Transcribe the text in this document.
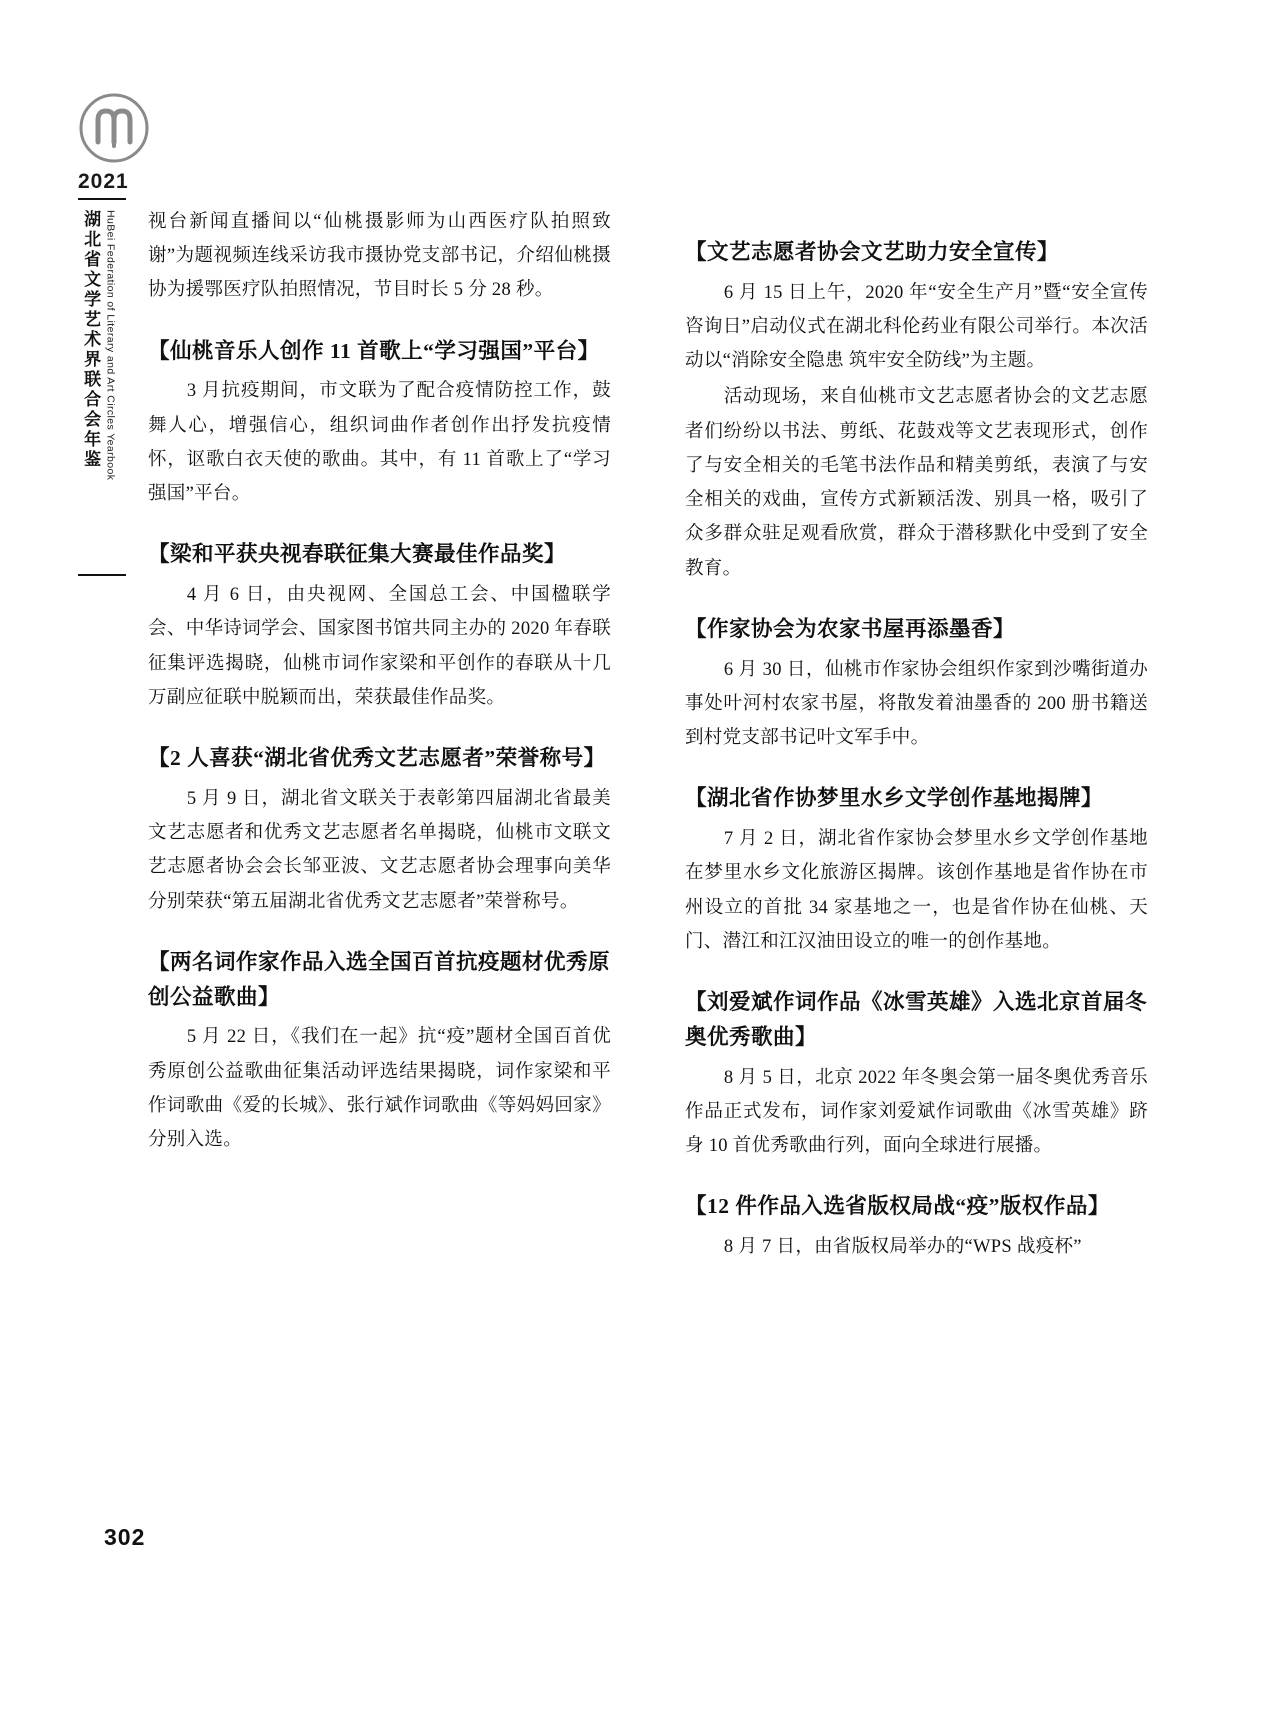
2021
湖北省文学艺术界联合会年鉴 HuBei Federation of Literary and Art Circles Yearbook 视台新闻直播间以“仙桃摄影师为山西医疗队拍照致谢”为题视频连线采访我市摄协党支部书记，介绍仙桃摄协为援鄂医疗队拍照情况，节目时长 5 分 28 秒。
【仙桃音乐人创作 11 首歌上“学习强国”平台】
3 月抗疫期间，市文联为了配合疫情防控工作，鼓舞人心，增强信心，组织词曲作者创作出抒发抗疫情怀，讴歌白衣天使的歌曲。其中，有 11 首歌上了“学习强国”平台。
【梁和平获央视春联征集大赛最佳作品奖】
4 月 6 日，由央视网、全国总工会、中国楹联学会、中华诗词学会、国家图书馆共同主办的 2020 年春联征集评选揭晓，仙桃市词作家梁和平创作的春联从十几万副应征联中脱颖而出，荣获最佳作品奖。
【2 人喜获“湖北省优秀文艺志愿者”荣誉称号】
5 月 9 日，湖北省文联关于表彰第四届湖北省最美文艺志愿者和优秀文艺志愿者名单揭晓，仙桃市文联文艺志愿者协会会长邹亚波、文艺志愿者协会理事向美华分别荣获“第五届湖北省优秀文艺志愿者”荣誉称号。
【两名词作家作品入选全国百首抗疫题材优秀原创公益歌曲】
5 月 22 日，《我们在一起》抗“疫”题材全国百首优秀原创公益歌曲征集活动评选结果揭晓，词作家梁和平作词歌曲《爱的长城》、张行斌作词歌曲《等妈妈回家》分别入选。
【文艺志愿者协会文艺助力安全宣传】
6 月 15 日上午，2020 年“安全生产月”暨“安全宣传咨询日”启动仪式在湖北科伦药业有限公司举行。本次活动以“消除安全隐患 筑牢安全防线”为主题。
活动现场，来自仙桃市文艺志愿者协会的文艺志愿者们纷纷以书法、剪纸、花鼓戏等文艺表现形式，创作了与安全相关的毛笔书法作品和精美剪纸，表演了与安全相关的戏曲，宣传方式新颖活泼、别具一格，吸引了众多群众驻足观看欣赏，群众于潜移默化中受到了安全教育。
【作家协会为农家书屋再添墨香】
6 月 30 日，仙桃市作家协会组织作家到沙嘴街道办事处叶河村农家书屋，将散发着油墨香的 200 册书籍送到村党支部书记叶文军手中。
【湖北省作协梦里水乡文学创作基地揭牌】
7 月 2 日，湖北省作家协会梦里水乡文学创作基地在梦里水乡文化旅游区揭牌。该创作基地是省作协在市州设立的首批 34 家基地之一，也是省作协在仙桃、天门、潜江和江汉油田设立的唯一的创作基地。
【刘爱斌作词作品《冰雪英雄》入选北京首届冬奥优秀歌曲】
8 月 5 日，北京 2022 年冬奥会第一届冬奥优秀音乐作品正式发布，词作家刘爱斌作词歌曲《冰雪英雄》跻身 10 首优秀歌曲行列，面向全球进行展播。
【12 件作品入选省版权局战“疫”版权作品】
8 月 7 日，由省版权局举办的“WPS 战疫杯”
302
